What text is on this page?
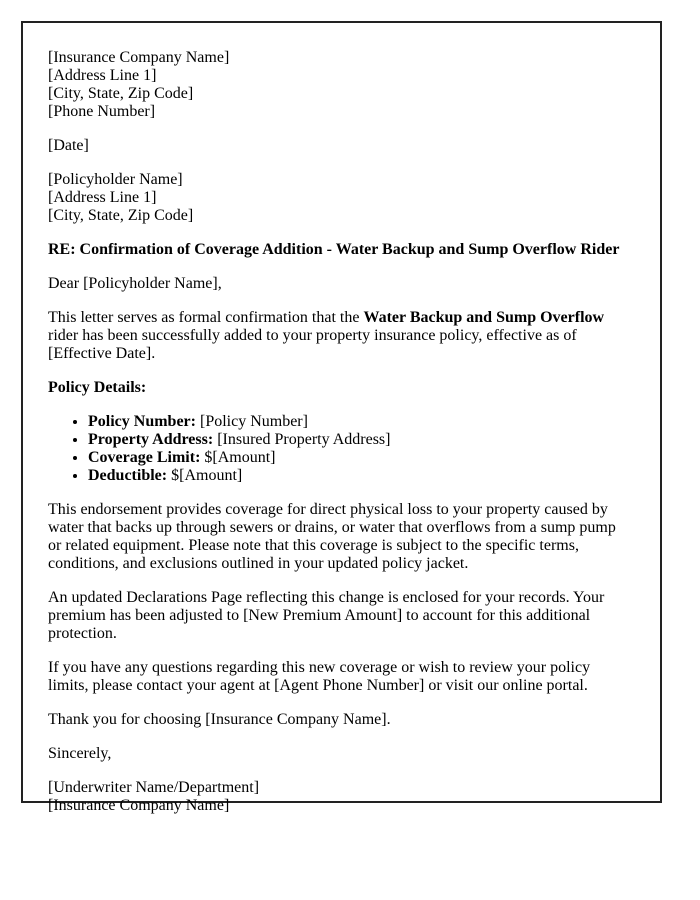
[Insurance Company Name]
[Address Line 1]
[City, State, Zip Code]
[Phone Number]

[Date]

[Policyholder Name]
[Address Line 1]
[City, State, Zip Code]

RE: Confirmation of Coverage Addition - Water Backup and Sump Overflow Rider

Dear [Policyholder Name],

This letter serves as formal confirmation that the Water Backup and Sump Overflow rider has been successfully added to your property insurance policy, effective as of [Effective Date].

Policy Details:

• Policy Number: [Policy Number]
• Property Address: [Insured Property Address]
• Coverage Limit: $[Amount]
• Deductible: $[Amount]

This endorsement provides coverage for direct physical loss to your property caused by water that backs up through sewers or drains, or water that overflows from a sump pump or related equipment. Please note that this coverage is subject to the specific terms, conditions, and exclusions outlined in your updated policy jacket.

An updated Declarations Page reflecting this change is enclosed for your records. Your premium has been adjusted to [New Premium Amount] to account for this additional protection.

If you have any questions regarding this new coverage or wish to review your policy limits, please contact your agent at [Agent Phone Number] or visit our online portal.

Thank you for choosing [Insurance Company Name].

Sincerely,

[Underwriter Name/Department]
[Insurance Company Name]
